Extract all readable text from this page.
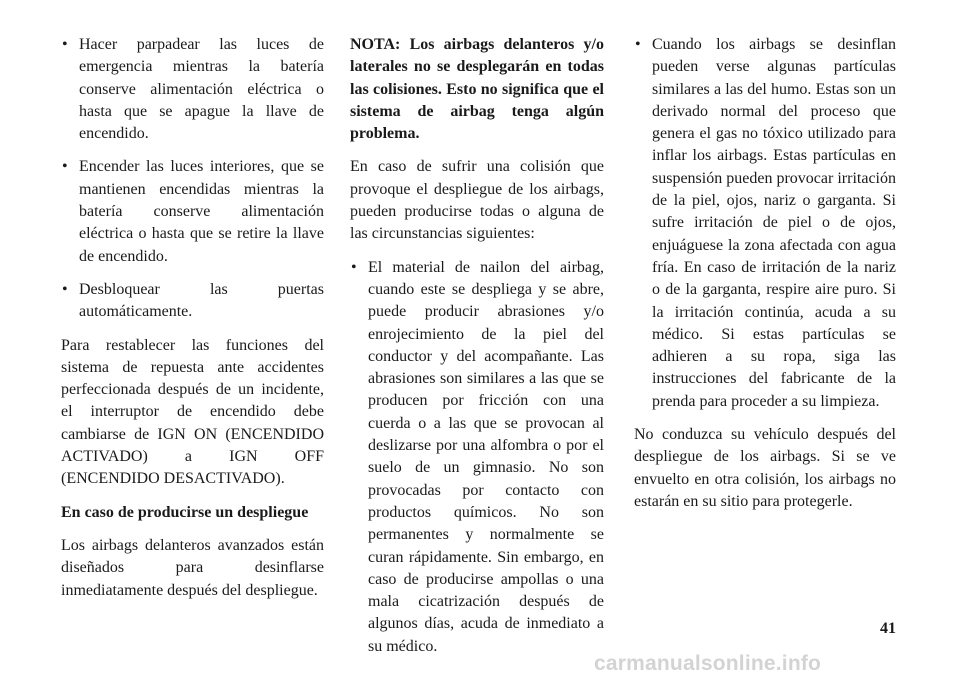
• Hacer parpadear las luces de emergencia mientras la batería conserve alimentación eléctrica o hasta que se apague la llave de encendido.
• Encender las luces interiores, que se mantienen encendidas mientras la batería conserve alimentación eléctrica o hasta que se retire la llave de encendido.
• Desbloquear las puertas automáticamente.

Para restablecer las funciones del sistema de repuesta ante accidentes perfeccionada después de un incidente, el interruptor de encendido debe cambiarse de IGN ON (ENCENDIDO ACTIVADO) a IGN OFF (ENCENDIDO DESACTIVADO).

En caso de producirse un despliegue

Los airbags delanteros avanzados están diseñados para desinflarse inmediatamente después del despliegue.

NOTA: Los airbags delanteros y/o laterales no se desplegarán en todas las colisiones. Esto no significa que el sistema de airbag tenga algún problema.

En caso de sufrir una colisión que provoque el despliegue de los airbags, pueden producirse todas o alguna de las circunstancias siguientes:

• El material de nailon del airbag, cuando este se despliega y se abre, puede producir abrasiones y/o enrojecimiento de la piel del conductor y del acompañante. Las abrasiones son similares a las que se producen por fricción con una cuerda o a las que se provocan al deslizarse por una alfombra o por el suelo de un gimnasio. No son provocadas por contacto con productos químicos. No son permanentes y normalmente se curan rápidamente. Sin embargo, en caso de producirse ampollas o una mala cicatrización después de algunos días, acuda de inmediato a su médico.
• Cuando los airbags se desinflan pueden verse algunas partículas similares a las del humo. Estas son un derivado normal del proceso que genera el gas no tóxico utilizado para inflar los airbags. Estas partículas en suspensión pueden provocar irritación de la piel, ojos, nariz o garganta. Si sufre irritación de piel o de ojos, enjuáguese la zona afectada con agua fría. En caso de irritación de la nariz o de la garganta, respire aire puro. Si la irritación continúa, acuda a su médico. Si estas partículas se adhieren a su ropa, siga las instrucciones del fabricante de la prenda para proceder a su limpieza.

No conduzca su vehículo después del despliegue de los airbags. Si se ve envuelto en otra colisión, los airbags no estarán en su sitio para protegerle.

41
carmanualsonline.info
